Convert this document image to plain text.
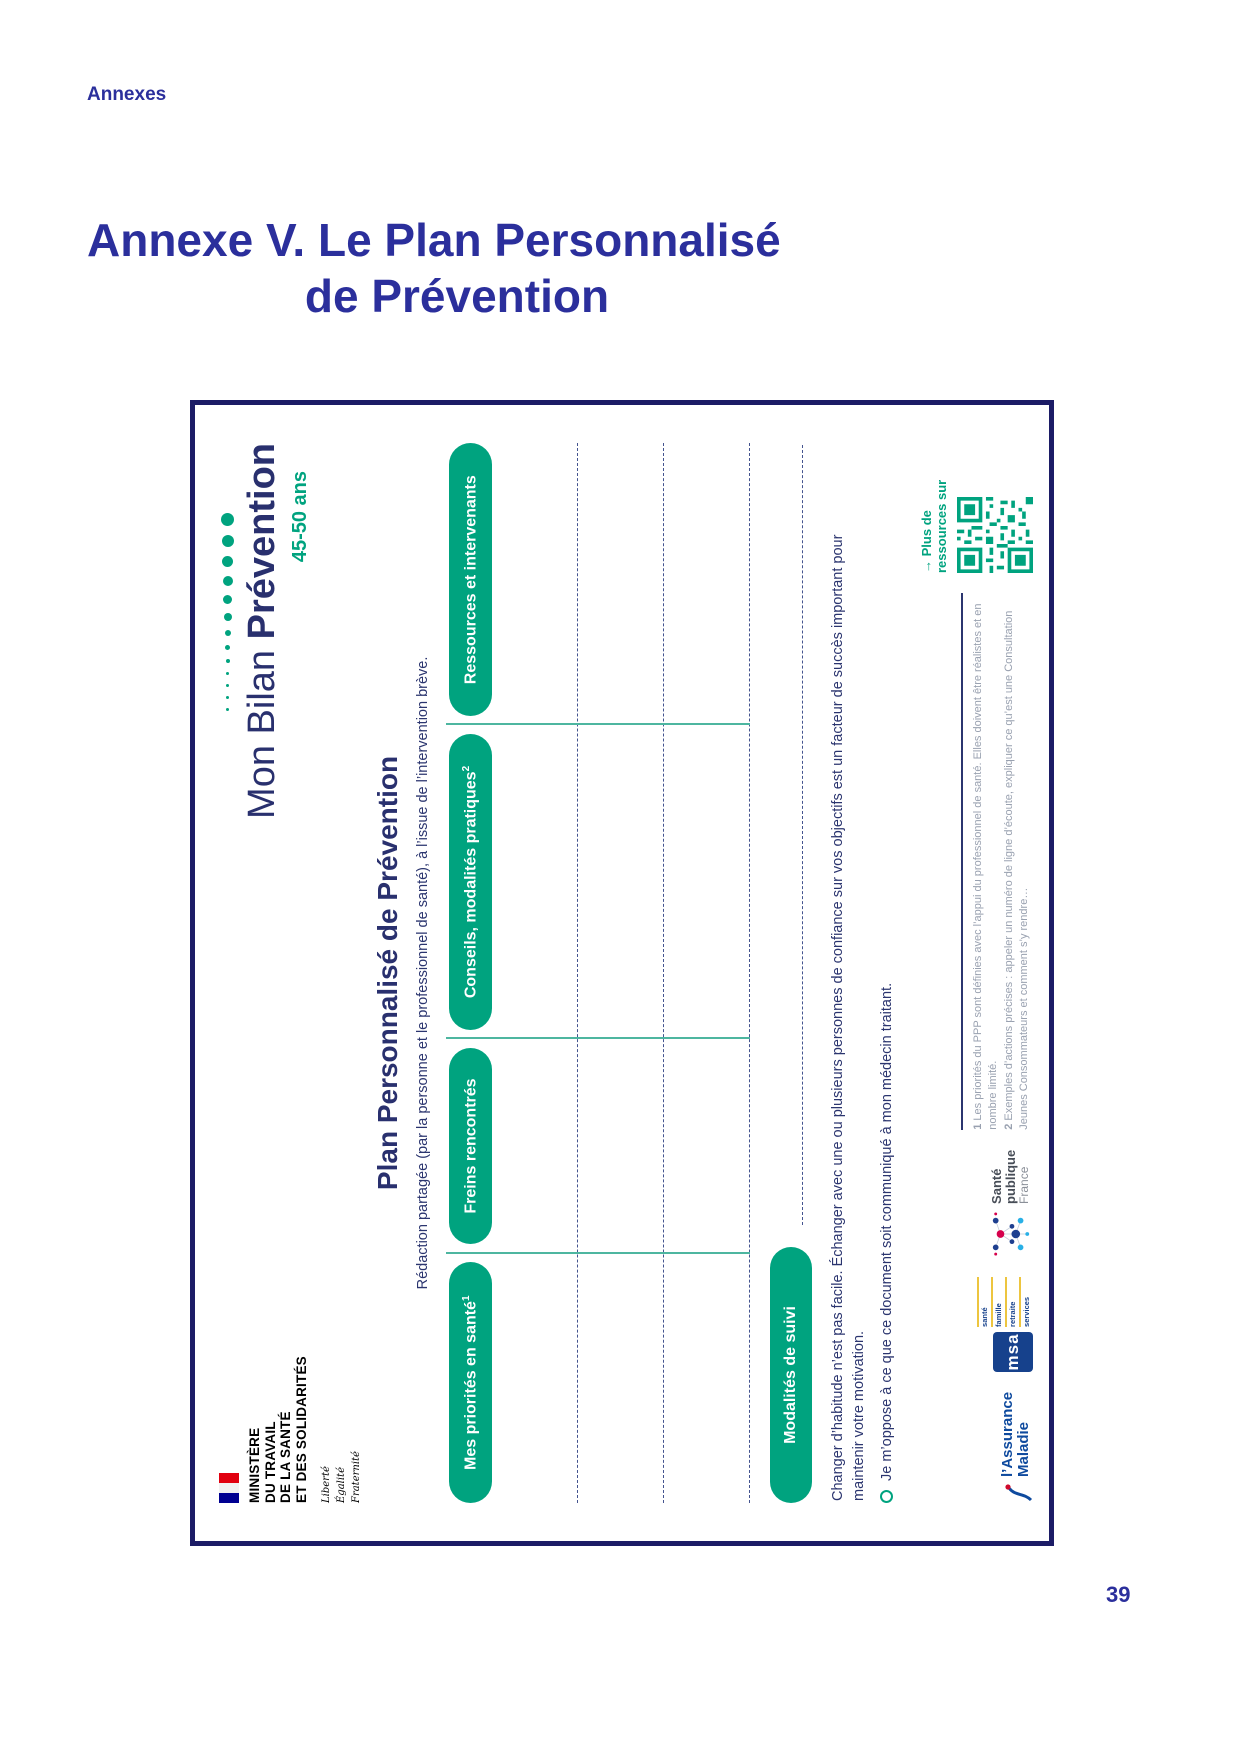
Annexes
Annexe V. Le Plan Personnalisé
de Prévention
MINISTÈRE DU TRAVAIL DE LA SANTÉ ET DES SOLIDARITÉS Liberté Égalité Fraternité
Mon Bilan Prévention 45-50 ans
Plan Personnalisé de Prévention Rédaction partagée (par la personne et le professionnel de santé), à l’issue de l’intervention brève.
Mes priorités en santé$^1$
Freins rencontrés
Conseils, modalités pratiques$^2$
Ressources et intervenants
Modalités de suivi	Changer d’habitude n’est pas facile. Échanger avec une ou plusieurs personnes de confiance sur vos objectifs est un facteur de succès important pour maintenir votre motivation. Je m’oppose à ce que ce document soit communiqué à mon médecin traitant.	l’Assurance Maladie
msa
santé famille retraite services
Santé publique France
1 Les priorités du PPP sont définies avec l’appui du professionnel de santé. Elles doivent être réalistes et en nombre limité. 2 Exemples d’actions précises : appeler un numéro de ligne d’écoute, expliquer ce qu’est une Consultation Jeunes Consommateurs et comment s’y rendre…
→ Plus de
ressources sur
39
